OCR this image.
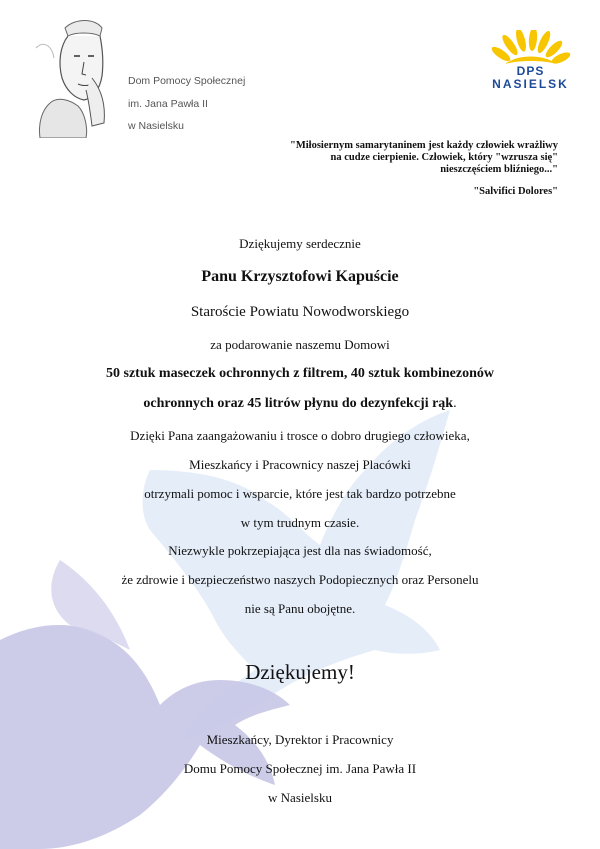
Dom Pomocy Społecznej
im. Jana Pawła II
w Nasielsku
DPS
NASIELSK
"Miłosiernym samarytaninem jest każdy człowiek wrażliwy
na cudze cierpienie. Człowiek, który "wzrusza się"
nieszczęściem bliźniego..."
"Salvifici Dolores"
Dziękujemy serdecznie
Panu Krzysztofowi Kapuście
Staroście Powiatu Nowodworskiego
za podarowanie naszemu Domowi
50 sztuk maseczek ochronnych z filtrem, 40 sztuk kombinezonów
ochronnych oraz 45 litrów płynu do dezynfekcji rąk.
Dzięki Pana zaangażowaniu i trosce o dobro drugiego człowieka,
Mieszkańcy i Pracownicy naszej Placówki
otrzymali pomoc i wsparcie, które jest tak bardzo potrzebne
w tym trudnym czasie.
Niezwykle pokrzepiająca jest dla nas świadomość,
że zdrowie i bezpieczeństwo naszych Podopiecznych oraz Personelu
nie są Panu obojętne.
Dziękujemy!
Mieszkańcy, Dyrektor i Pracownicy
Domu Pomocy Społecznej im. Jana Pawła II
w Nasielsku
